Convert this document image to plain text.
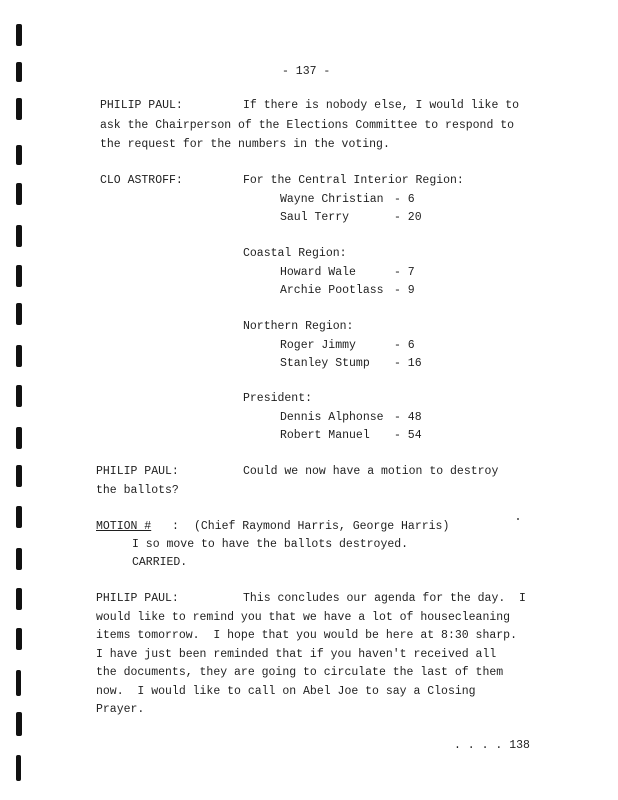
- 137 -
PHILIP PAUL:	If there is nobody else, I would like to
ask the Chairperson of the Elections Committee to respond to
the request for the numbers in the voting.
CLO ASTROFF:	For the Central Interior Region:
Wayne Christian - 6
Saul Terry	- 20
Coastal Region:
Howard Wale	- 7
Archie Pootlass - 9
Northern Region:
Roger Jimmy	- 6
Stanley Stump - 16
President:
Dennis Alphonse - 48
Robert Manuel - 54
PHILIP PAUL:	Could we now have a motion to destroy
the ballots?
MOTION # : (Chief Raymond Harris, George Harris)
I so move to have the ballots destroyed.
CARRIED.
PHILIP PAUL:	This concludes our agenda for the day.  I
would like to remind you that we have a lot of housecleaning
items tomorrow.  I hope that you would be here at 8:30 sharp.
I have just been reminded that if you haven't received all
the documents, they are going to circulate the last of them
now.  I would like to call on Abel Joe to say a Closing
Prayer.
. . . . 138
